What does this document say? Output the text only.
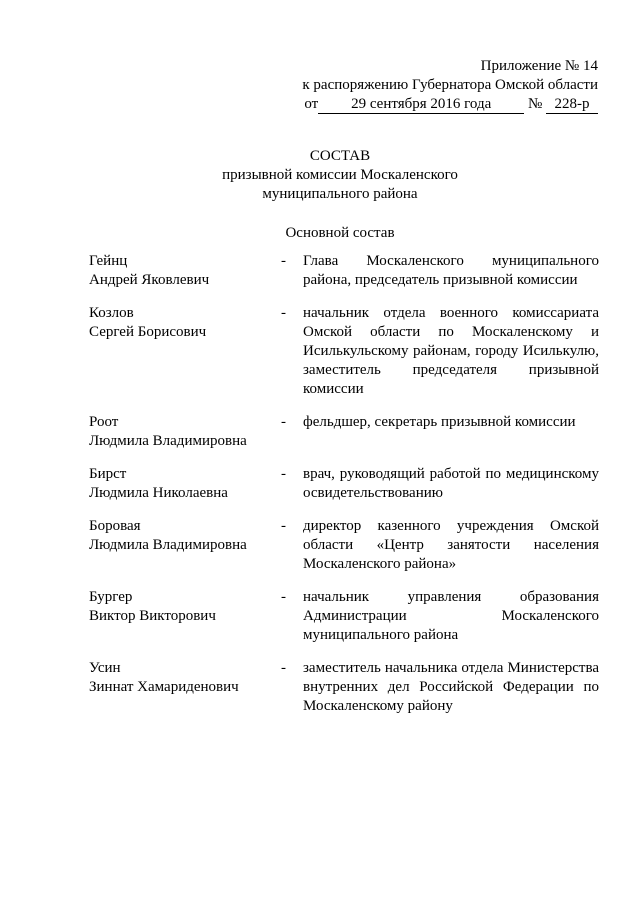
Приложение № 14
к распоряжению Губернатора Омской области
от 29 сентября 2016 года № 228-р
СОСТАВ
призывной комиссии Москаленского
муниципального района
Основной состав
Гейнц
Андрей Яковлевич
-	Глава Москаленского муниципального района, председатель призывной комиссии
Козлов
Сергей Борисович
-	начальник отдела военного комиссариата Омской области по Москаленскому и Исилькульскому районам, городу Исилькулю, заместитель председателя призывной комиссии
Роот
Людмила Владимировна
-	фельдшер, секретарь призывной комиссии
Бирст
Людмила Николаевна
-	врач, руководящий работой по медицинскому освидетельствованию
Боровая
Людмила Владимировна
-	директор казенного учреждения Омской области «Центр занятости населения Москаленского района»
Бургер
Виктор Викторович
-	начальник управления образования Администрации Москаленского муниципального района
Усин
Зиннат Хамариденович
-	заместитель начальника отдела Министерства внутренних дел Российской Федерации по Москаленскому району
